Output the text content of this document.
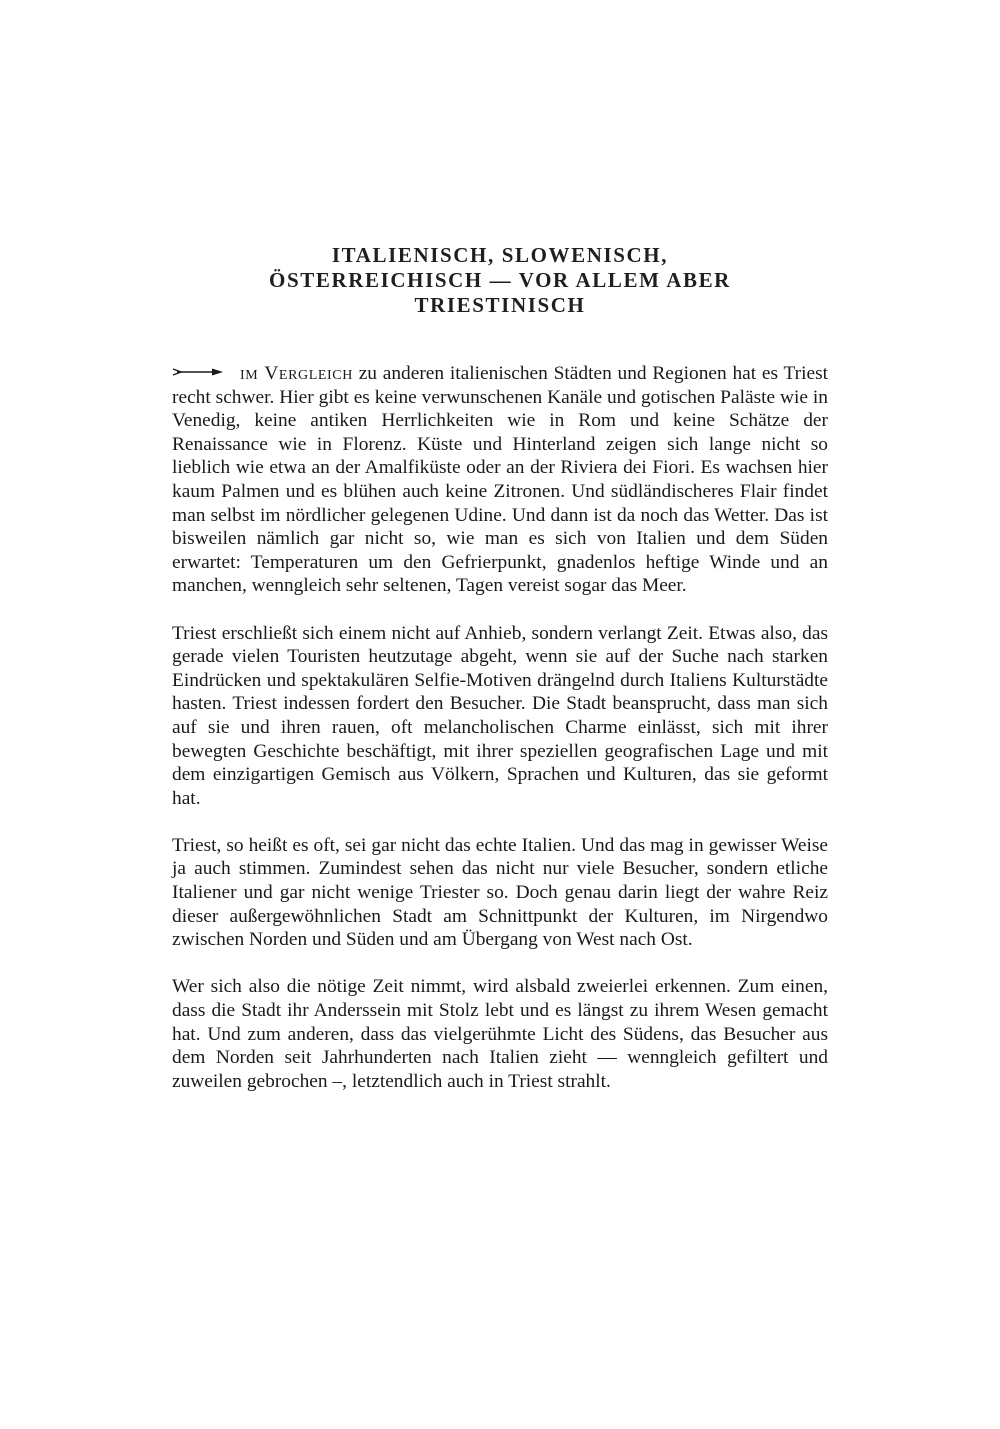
ITALIENISCH, SLOWENISCH,
ÖSTERREICHISCH — VOR ALLEM ABER
TRIESTINISCH

im Vergleich zu anderen italienischen Städten und Regionen hat es Triest recht schwer. Hier gibt es keine verwunschenen Kanäle und gotischen Paläste wie in Venedig, keine antiken Herrlichkeiten wie in Rom und keine Schätze der Renaissance wie in Florenz. Küste und Hinterland zeigen sich lange nicht so lieblich wie etwa an der Amalfiküste oder an der Riviera dei Fiori. Es wachsen hier kaum Palmen und es blühen auch keine Zitronen. Und südländischeres Flair findet man selbst im nördlicher gelegenen Udine. Und dann ist da noch das Wetter. Das ist bisweilen nämlich gar nicht so, wie man es sich von Italien und dem Süden erwartet: Temperaturen um den Gefrierpunkt, gnadenlos heftige Winde und an manchen, wenngleich sehr seltenen, Tagen vereist sogar das Meer.

Triest erschließt sich einem nicht auf Anhieb, sondern verlangt Zeit. Etwas also, das gerade vielen Touristen heutzutage abgeht, wenn sie auf der Suche nach starken Eindrücken und spektakulären Selfie-Motiven drängelnd durch Italiens Kulturstädte hasten. Triest indessen fordert den Besucher. Die Stadt beansprucht, dass man sich auf sie und ihren rauen, oft melancholischen Charme einlässt, sich mit ihrer bewegten Geschichte beschäftigt, mit ihrer speziellen geografischen Lage und mit dem einzigartigen Gemisch aus Völkern, Sprachen und Kulturen, das sie geformt hat.

Triest, so heißt es oft, sei gar nicht das echte Italien. Und das mag in gewisser Weise ja auch stimmen. Zumindest sehen das nicht nur viele Besucher, sondern etliche Italiener und gar nicht wenige Triester so. Doch genau darin liegt der wahre Reiz dieser außergewöhnlichen Stadt am Schnittpunkt der Kulturen, im Nirgendwo zwischen Norden und Süden und am Übergang von West nach Ost.

Wer sich also die nötige Zeit nimmt, wird alsbald zweierlei erkennen. Zum einen, dass die Stadt ihr Anderssein mit Stolz lebt und es längst zu ihrem Wesen gemacht hat. Und zum anderen, dass das vielgerühmte Licht des Südens, das Besucher aus dem Norden seit Jahrhunderten nach Italien zieht — wenngleich gefiltert und zuweilen gebrochen –, letztendlich auch in Triest strahlt.
